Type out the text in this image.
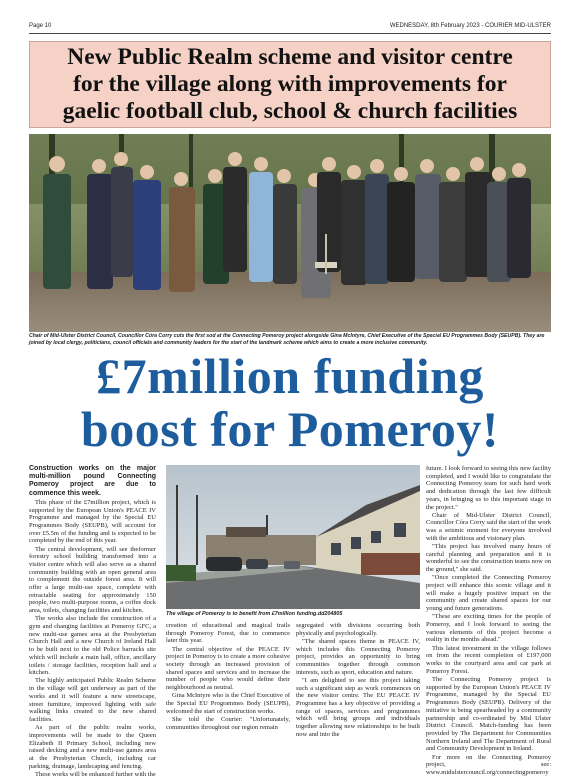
Page 10	WEDNESDAY, 8th February 2023 - COURIER MID-ULSTER
New Public Realm scheme and visitor centre
for the village along with improvements for
gaelic football club, school & church facilities
Chair of Mid-Ulster District Council, Councillor Córa Corry cuts the first sod at the Connecting Pomeroy project alongside Gina McIntyre, Chief Executive of the Special EU Programmes Body (SEUPB). They are joined by local clergy, politicians, council officials and community leaders for the start of the landmark scheme which aims to create a more inclusive community.
£7million funding
boost for Pomeroy!

Construction works on the major multi-million pound Connecting Pomeroy project are due to commence this week.

This phase of the £7million project, which is supported by the European Union's PEACE IV Programme and managed by the Special EU Programmes Body (SEUPB), will account for over £5.5m of the funding and is expected to be completed by the end of this year.

The central development, will see theformer forestry school building transformed into a visitor centre which will also serve as a shared community building with an open general area to complement the outside forest area. It will offer a large multi-use space, complete with retractable seating for approximately 150 people, two multi-purpose rooms, a coffee dock area, toilets, changing facilities and kitchen.

The works also include the construction of a gym and changing facilities at Pomeroy GFC, a new multi-use games area at the Presbyterian Church Hall and a new Church of Ireland Hall to be built next to the old Police barracks site which will include a main hall, office, ancillary toilets / storage facilities, reception hall and a kitchen.

The highly anticipated Public Realm Scheme in the village will get underway as part of the works and it will feature a new streetscape, street furniture, improved lighting with safe walking links created to the new shared facilities.

As part of the public realm works, improvements will be made to the Queen Elizabeth II Primary School, including new raised decking and a new multi-use games area at the Presbyterian Church, including car parking, drainage, landscaping and fencing.

These works will be enhanced further with the

The village of Pomeroy is to benefit from £7million funding.dd204805

creation of educational and magical trails through Pomeroy Forest, due to commence later this year.

The central objective of the PEACE IV project in Pomeroy is to create a more cohesive society through an increased provision of shared spaces and services and to increase the number of people who would define their neighbourhood as neutral.

Gina McIntyre who is the Chief Executive of the Special EU Programmes Body (SEUPB), welcomed the start of construction works.

She told the Courier: "Unfortunately, communities throughout our region remain

segregated with divisions occurring both physically and psychologically.

"The shared spaces theme in PEACE IV, which includes this Connecting Pomeroy project, provides an opportunity to bring communities together through common interests, such as sport, education and nature.

"I am delighted to see this project taking such a significant step as work commences on the new visitor centre. The EU PEACE IV Programme has a key objective of providing a range of spaces, services and programmes which will bring groups and individuals together allowing new relationships to be built now and into the

future. I look forward to seeing this new facility completed, and I would like to congratulate the Connecting Pomeroy team for such hard work and dedication through the last few difficult years, in bringing us to this important stage in the project."

Chair of Mid-Ulster District Council, Councillor Córa Corry said the start of the work was a seismic moment for everyone involved with the ambitious and visionary plan.

"This project has involved many hours of careful planning and preparation and it is wonderful to see the construction teams now on the ground," she said.

"Once completed the Connecting Pomeroy project will enhance this scenic village and it will make a hugely positive impact on the community and create shared spaces for our young and future generations.

"These are exciting times for the people of Pomeroy, and I look forward to seeing the various elements of this project become a reality in the months ahead."

This latest investment in the village follows on from the recent completion of £197,000 works to the courtyard area and car park at Pomeroy Forest.

The Connecting Pomeroy project is supported by the European Union's PEACE IV Programme, managed by the Special EU Programmes Body (SEUPB). Delivery of the initiative is being spearheaded by a community partnership and co-ordinated by Mid Ulster District Council. Match-funding has been provided by The Department for Communities Northern Ireland and The Department of Rural and Community Development in Ireland.

For more on the Connecting Pomeroy project, see: www.midulstercouncil.org/connectingpomeroy
